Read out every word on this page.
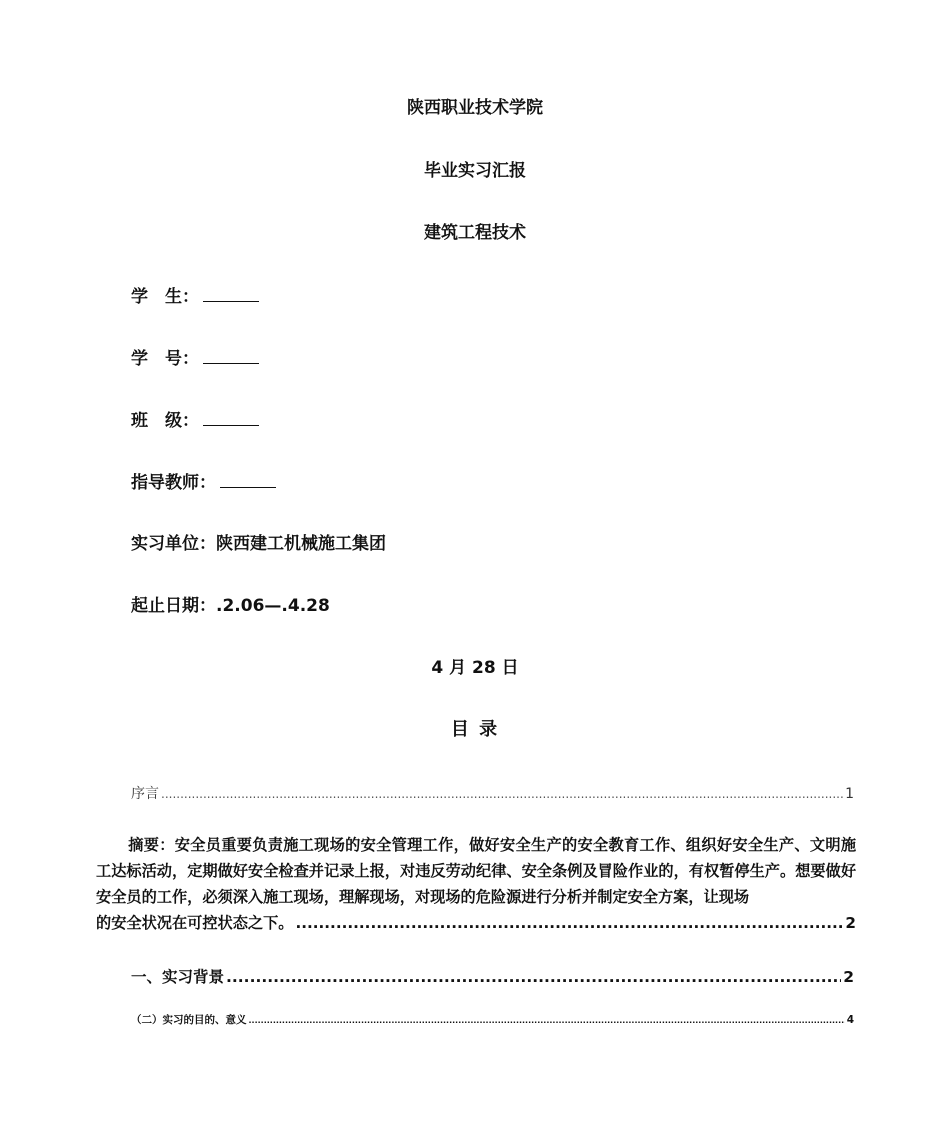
陕西职业技术学院
毕业实习汇报
建筑工程技术
学　生：
学　号：
班　级：
指导教师：
实习单位：陕西建工机械施工集团
起止日期：.2.06—.4.28
4 月 28 日
目 录
序言 .....	1
摘要：安全员重要负责施工现场的安全管理工作，做好安全生产的安全教育工作、组织好安全生产、文明施工达标活动，定期做好安全检查并记录上报，对违反劳动纪律、安全条例及冒险作业的，有权暂停生产。想要做好安全员的工作，必须深入施工现场，理解现场，对现场的危险源进行分析并制定安全方案，让现场
的安全状况在可控状态之下。 .....	2
一、实习背景 .....	2
（二）实习的目的、意义 .....	4
